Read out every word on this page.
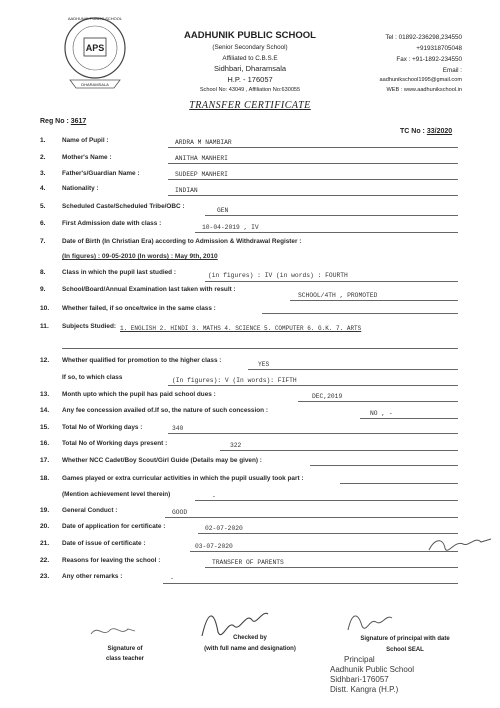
AADHUNIK PUBLIC SCHOOL
APS
DHARAMSALA
AADHUNIK PUBLIC SCHOOL
(Senior Secondary School)
Affiliated to C.B.S.E
Sidhbari, Dharamsala
H.P. - 176057
School No: 43049 , Affiliation No:630055
Tel : 01892-236298,234550
+919318705048
Fax : +91-1892-234550
Email :
aadhunikschool1995@gmail.com
WEB : www.aadhunikschool.in
TRANSFER CERTIFICATE
Reg No : 3617
TC No : 33/2020
1.	Name of Pupil :	ARDRA M NAMBIAR
2.	Mother's Name :	ANITHA MANHERI
3.	Father's/Guardian Name :	SUDEEP MANHERI
4.	Nationality :	INDIAN
5.	Scheduled Caste/Scheduled Tribe/OBC :
GEN
6.	First Admission date with class :
10-04-2019 , IV
7.	Date of Birth (In Christian Era) according to Admission & Withdrawal Register :
(In figures) : 09-05-2010 (In words) : May 9th, 2010
8.	Class in which the pupil last studied :	(in figures) : IV (in words) : FOURTH
9.	School/Board/Annual Examination last taken with result :
SCHOOL/4TH , PROMOTED
10. Whether failed, if so once/twice in the same class :
11. Subjects Studied: 1. ENGLISH 2. HINDI 3. MATHS 4. SCIENCE 5. COMPUTER 6. G.K. 7. ARTS
12. Whether qualified for promotion to the higher class :
YES
If so, to which class	(In figures): V (In words): FIFTH
13. Month upto which the pupil has paid school dues :	DEC,2019
14. Any fee concession availed of.If so, the nature of such concession :	NO , -
15. Total No of Working days :	340
16. Total No of Working days present :	322
17. Whether NCC Cadet/Boy Scout/Girl Guide (Details may be given) :
18. Games played or extra curricular activities in which the pupil usually took part :
(Mention achievement level therein)	-
19. General Conduct :	GOOD
20. Date of application for certificate :	02-07-2020
21. Date of issue of certificate :	03-07-2020
22. Reasons for leaving the school :	TRANSFER OF PARENTS
23. Any other remarks :	-
Signature of
class teacher
Checked by
(with full name and designation)
Signature of principal with date
School SEAL
Principal
Aadhunik Public School
Sidhbari-176057
Distt. Kangra (H.P.)
